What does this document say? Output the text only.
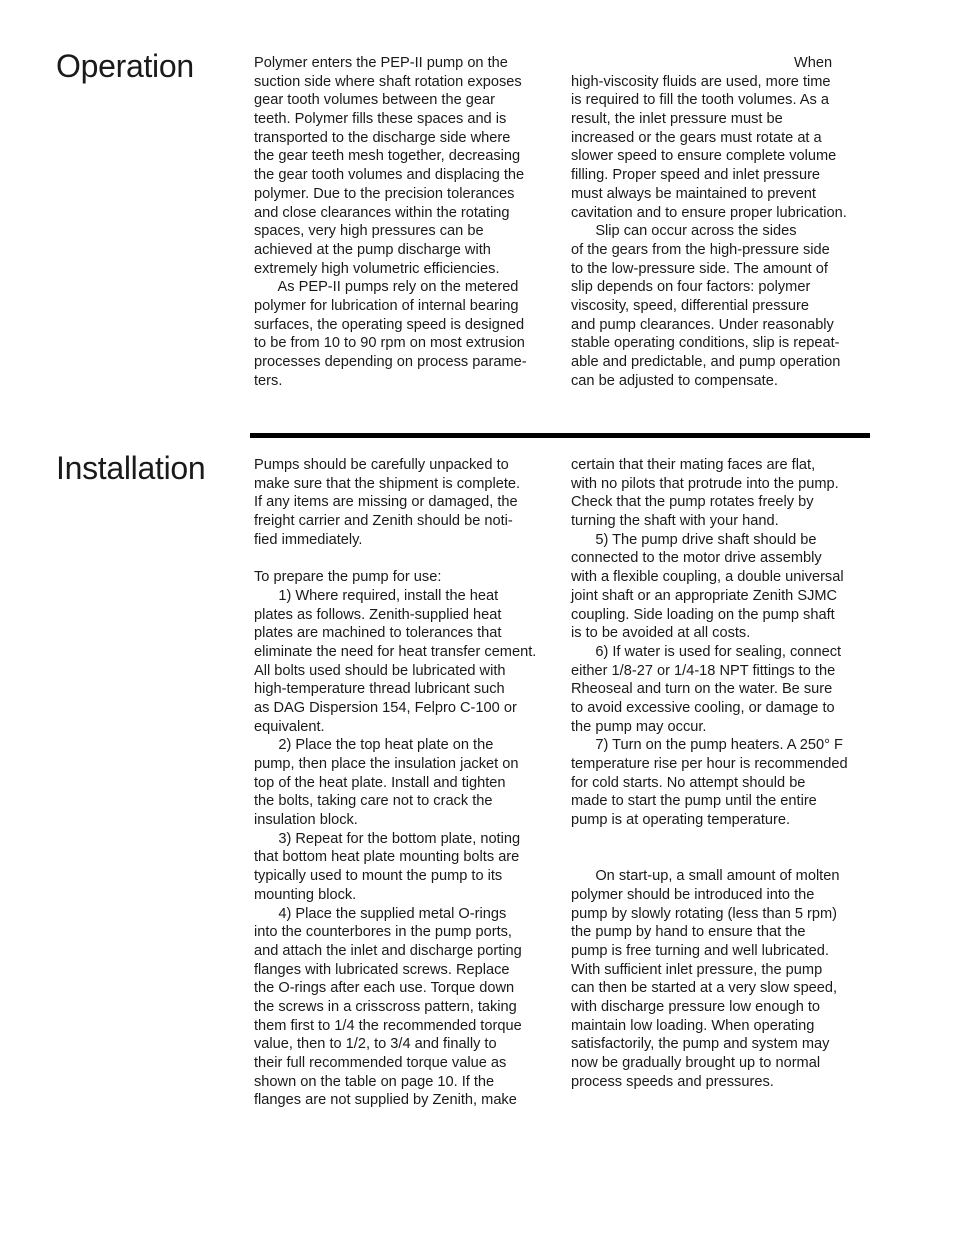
Operation	Polymer enters the PEP-II pump on the
suction side where shaft rotation exposes
gear tooth volumes between the gear
teeth. Polymer fills these spaces and is
transported to the discharge side where
the gear teeth mesh together, decreasing
the gear tooth volumes and displacing the
polymer. Due to the precision tolerances
and close clearances within the rotating
spaces, very high pressures can be
achieved at the pump discharge with
extremely high volumetric efficiencies.
As PEP-II pumps rely on the metered
polymer for lubrication of internal bearing
surfaces, the operating speed is designed
to be from 10 to 90 rpm on most extrusion
processes depending on process parame-
ters.
When
high-viscosity fluids are used, more time
is required to fill the tooth volumes. As a
result, the inlet pressure must be
increased or the gears must rotate at a
slower speed to ensure complete volume
filling. Proper speed and inlet pressure
must always be maintained to prevent
cavitation and to ensure proper lubrication.
Slip can occur across the sides
of the gears from the high-pressure side
to the low-pressure side. The amount of
slip depends on four factors: polymer
viscosity, speed, differential pressure
and pump clearances. Under reasonably
stable operating conditions, slip is repeat-
able and predictable, and pump operation
can be adjusted to compensate.
Installation	Pumps should be carefully unpacked to
make sure that the shipment is complete.
If any items are missing or damaged, the
freight carrier and Zenith should be noti-
fied immediately.
To prepare the pump for use:
1) Where required, install the heat
plates as follows. Zenith-supplied heat
plates are machined to tolerances that
eliminate the need for heat transfer cement.
All bolts used should be lubricated with
high-temperature thread lubricant such
as DAG Dispersion 154, Felpro C-100 or
equivalent.
2) Place the top heat plate on the
pump, then place the insulation jacket on
top of the heat plate. Install and tighten
the bolts, taking care not to crack the
insulation block.
3) Repeat for the bottom plate, noting
that bottom heat plate mounting bolts are
typically used to mount the pump to its
mounting block.
4) Place the supplied metal O-rings
into the counterbores in the pump ports,
and attach the inlet and discharge porting
flanges with lubricated screws. Replace
the O-rings after each use. Torque down
the screws in a crisscross pattern, taking
them first to 1/4 the recommended torque
value, then to 1/2, to 3/4 and finally to
their full recommended torque value as
shown on the table on page 10. If the
flanges are not supplied by Zenith, make
certain that their mating faces are flat,
with no pilots that protrude into the pump.
Check that the pump rotates freely by
turning the shaft with your hand.
5) The pump drive shaft should be
connected to the motor drive assembly
with a flexible coupling, a double universal
joint shaft or an appropriate Zenith SJMC
coupling. Side loading on the pump shaft
is to be avoided at all costs.
6) If water is used for sealing, connect
either 1/8-27 or 1/4-18 NPT fittings to the
Rheoseal and turn on the water. Be sure
to avoid excessive cooling, or damage to
the pump may occur.
7) Turn on the pump heaters. A 250° F
temperature rise per hour is recommended
for cold starts. No attempt should be
made to start the pump until the entire
pump is at operating temperature.
On start-up, a small amount of molten
polymer should be introduced into the
pump by slowly rotating (less than 5 rpm)
the pump by hand to ensure that the
pump is free turning and well lubricated.
With sufficient inlet pressure, the pump
can then be started at a very slow speed,
with discharge pressure low enough to
maintain low loading. When operating
satisfactorily, the pump and system may
now be gradually brought up to normal
process speeds and pressures.
